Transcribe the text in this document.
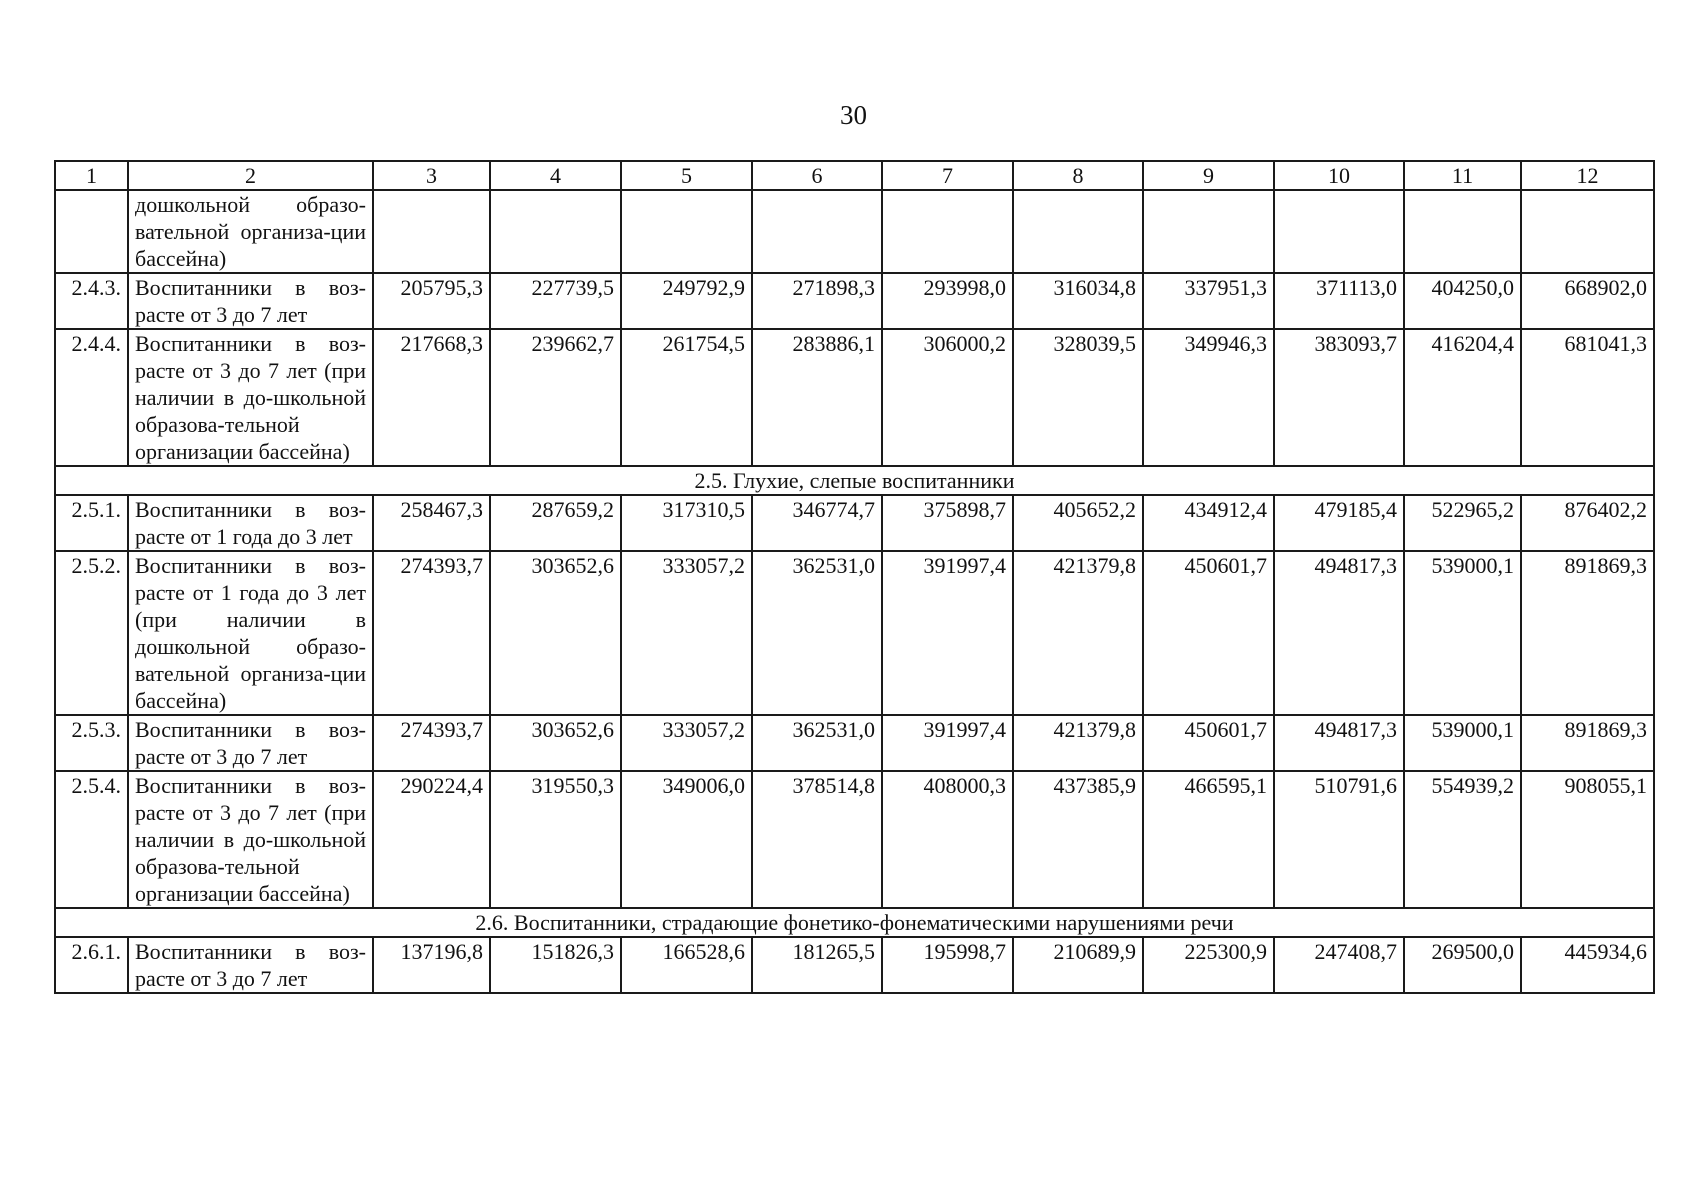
30
1	2	3	4	5	6	7	8	9	10	11	12
	дошкольной образо-вательной организа-ции бассейна)										
2.4.3.	Воспитанники в воз-расте от 3 до 7 лет	205795,3	227739,5	249792,9	271898,3	293998,0	316034,8	337951,3	371113,0	404250,0	668902,0
2.4.4.	Воспитанники в воз-расте от 3 до 7 лет (при наличии в до-школьной образова-тельной организации бассейна)	217668,3	239662,7	261754,5	283886,1	306000,2	328039,5	349946,3	383093,7	416204,4	681041,3
2.5. Глухие, слепые воспитанники											
2.5.1.	Воспитанники в воз-расте от 1 года до 3 лет	258467,3	287659,2	317310,5	346774,7	375898,7	405652,2	434912,4	479185,4	522965,2	876402,2
2.5.2.	Воспитанники в воз-расте от 1 года до 3 лет (при наличии в дошкольной образо-вательной организа-ции бассейна)	274393,7	303652,6	333057,2	362531,0	391997,4	421379,8	450601,7	494817,3	539000,1	891869,3
2.5.3.	Воспитанники в воз-расте от 3 до 7 лет	274393,7	303652,6	333057,2	362531,0	391997,4	421379,8	450601,7	494817,3	539000,1	891869,3
2.5.4.	Воспитанники в воз-расте от 3 до 7 лет (при наличии в до-школьной образова-тельной организации бассейна)	290224,4	319550,3	349006,0	378514,8	408000,3	437385,9	466595,1	510791,6	554939,2	908055,1
2.6. Воспитанники, страдающие фонетико-фонематическими нарушениями речи											
2.6.1.	Воспитанники в воз-расте от 3 до 7 лет	137196,8	151826,3	166528,6	181265,5	195998,7	210689,9	225300,9	247408,7	269500,0	445934,6
